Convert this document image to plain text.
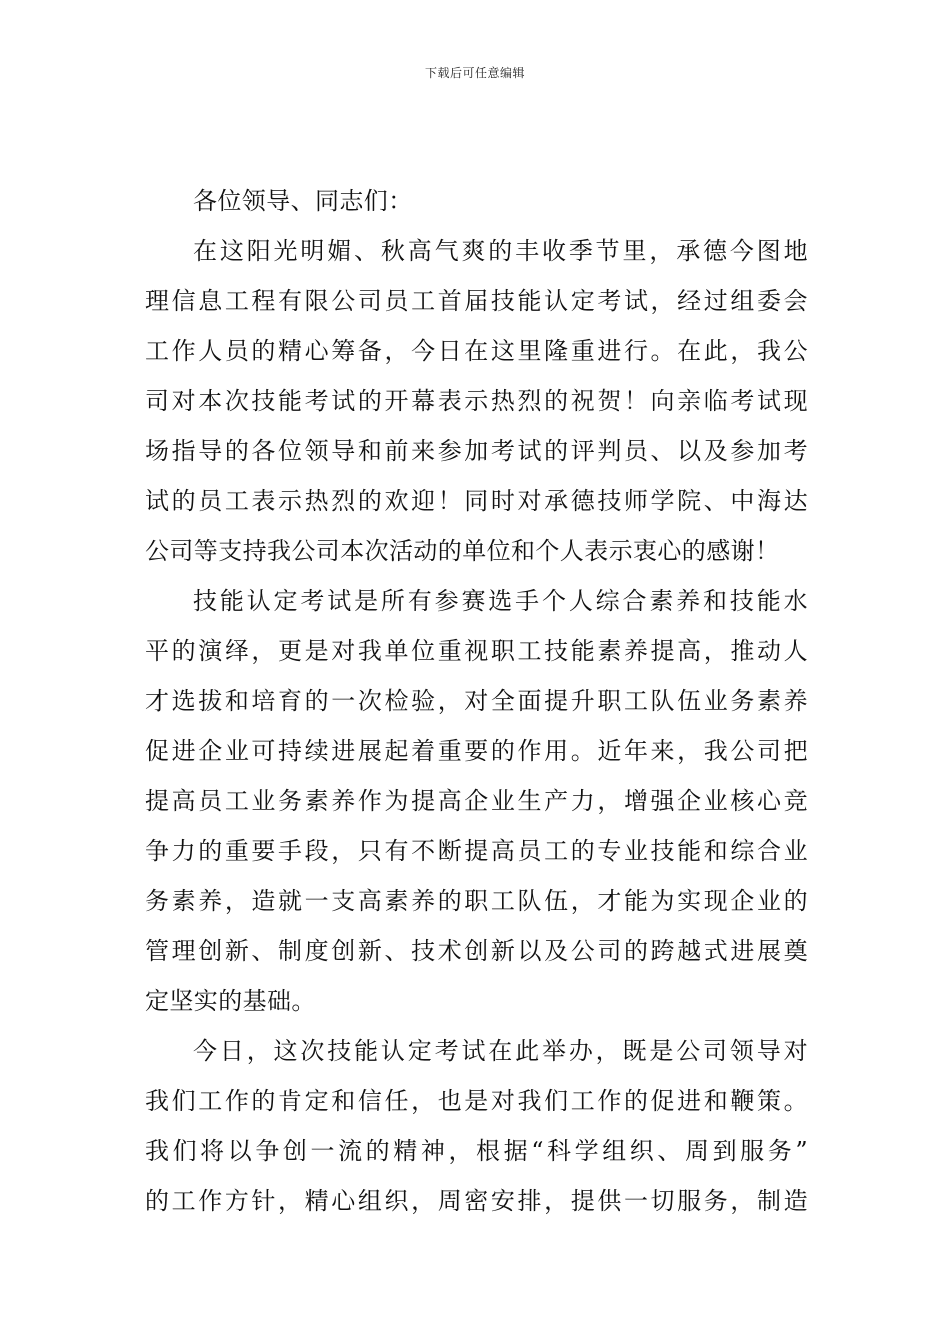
下载后可任意编辑
各位领导、同志们：
在这阳光明媚、秋高气爽的丰收季节里，承德今图地
理信息工程有限公司员工首届技能认定考试，经过组委会
工作人员的精心筹备，今日在这里隆重进行。在此，我公
司对本次技能考试的开幕表示热烈的祝贺！向亲临考试现
场指导的各位领导和前来参加考试的评判员、以及参加考
试的员工表示热烈的欢迎！同时对承德技师学院、中海达
公司等支持我公司本次活动的单位和个人表示衷心的感谢！
技能认定考试是所有参赛选手个人综合素养和技能水
平的演绎，更是对我单位重视职工技能素养提高，推动人
才选拔和培育的一次检验，对全面提升职工队伍业务素养
促进企业可持续进展起着重要的作用。近年来，我公司把
提高员工业务素养作为提高企业生产力，增强企业核心竞
争力的重要手段，只有不断提高员工的专业技能和综合业
务素养，造就一支高素养的职工队伍，才能为实现企业的
管理创新、制度创新、技术创新以及公司的跨越式进展奠
定坚实的基础。
今日，这次技能认定考试在此举办，既是公司领导对
我们工作的肯定和信任，也是对我们工作的促进和鞭策。
我们将以争创一流的精神，根据“科学组织、周到服务”
的工作方针，精心组织，周密安排，提供一切服务，制造
